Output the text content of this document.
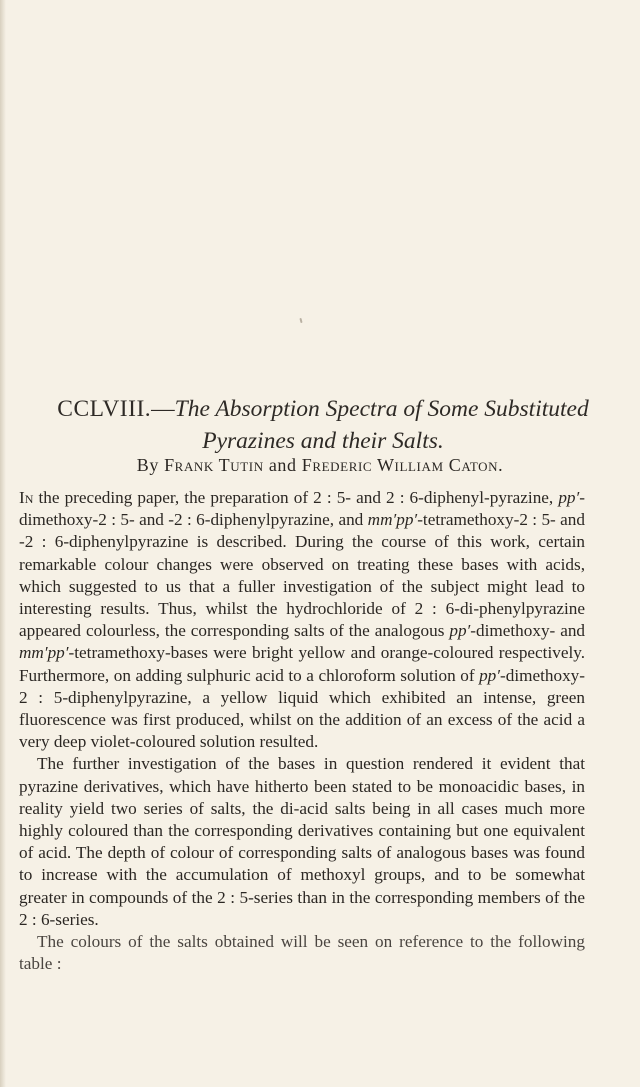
CCLVIII.—The Absorption Spectra of Some Substituted
Pyrazines and their Salts.
By Frank Tutin and Frederic William Caton.

In the preceding paper, the preparation of 2 : 5- and 2 : 6-diphenyl-pyrazine, pp′-dimethoxy-2 : 5- and -2 : 6-diphenylpyrazine, and mm′pp′-tetramethoxy-2 : 5- and -2 : 6-diphenylpyrazine is described. During the course of this work, certain remarkable colour changes were observed on treating these bases with acids, which suggested to us that a fuller investigation of the subject might lead to interesting results. Thus, whilst the hydrochloride of 2 : 6-di-phenylpyrazine appeared colourless, the corresponding salts of the analogous pp′-dimethoxy- and mm′pp′-tetramethoxy-bases were bright yellow and orange-coloured respectively. Furthermore, on adding sulphuric acid to a chloroform solution of pp′-dimethoxy-2 : 5-diphenylpyrazine, a yellow liquid which exhibited an intense, green fluorescence was first produced, whilst on the addition of an excess of the acid a very deep violet-coloured solution resulted.

The further investigation of the bases in question rendered it evident that pyrazine derivatives, which have hitherto been stated to be monoacidic bases, in reality yield two series of salts, the di-acid salts being in all cases much more highly coloured than the corresponding derivatives containing but one equivalent of acid. The depth of colour of corresponding salts of analogous bases was found to increase with the accumulation of methoxyl groups, and to be somewhat greater in compounds of the 2 : 5-series than in the corresponding members of the 2 : 6-series.

The colours of the salts obtained will be seen on reference to the following table :
